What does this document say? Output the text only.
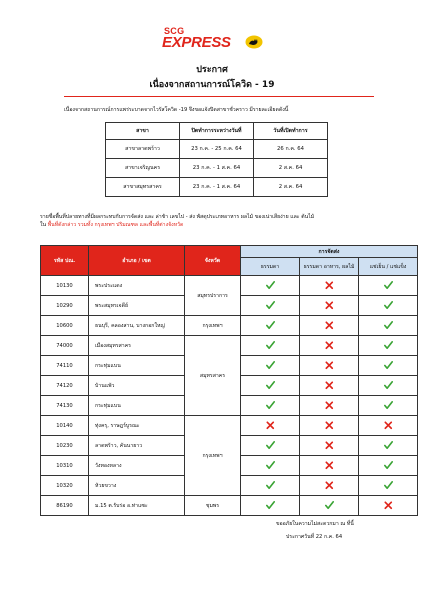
SCG
EXPRESS
ประกาศ
เนื่องจากสถานการณ์โควิด - 19
เนื่องจากสถานการณ์การแพร่ระบาดจากไวรัสโควิด -19 จึงขอแจ้งปิดสาขาชั่วคราว มีรายละเอียดดังนี้
สาขา	ปิดทำการระหว่างวันที่	วันที่เปิดทำการ
สาขาลาดพร้าว	23 ก.ค. - 25 ก.ค. 64	26 ก.ค. 64
สาขาเจริญนคร	23 ก.ค. - 1 ส.ค. 64	2 ส.ค. 64
สาขาสมุทรสาคร	23 ก.ค. - 1 ส.ค. 64	2 ส.ค. 64
รายชื่อพื้นที่ปลายทางที่มีผลกระทบกับการจัดส่ง และ ล่าช้า เลขไป - ส่ง พัสดุประเภทอาหาร ผลไม้ ของเน่าเสียง่าย และ ต้นไม้
ใน พื้นที่ดังกล่าว รวมทั้ง กรุงเทพฯ ปริมณฑล และพื้นที่ต่างจังหวัด
รหัส ปณ.	อำเภอ / เขต	จังหวัด	การจัดส่ง		
			ธรรมดา	ธรรมดา อาหาร, ผลไม้	แช่เย็น / แช่แข็ง
10130	พระประแดง	สมุทรปราการ			
10290	พระสมุทรเจดีย์			
10600	ธนบุรี, คลองสาน, บางกอกใหญ่	กรุงเทพฯ			
74000	เมืองสมุทรสาคร	สมุทรสาคร			
74110	กระทุ่มแบน			
74120	บ้านแพ้ว			
74130	กระทุ่มแบน			
10140	ทุ่งครุ, ราษฎร์บูรณะ	กรุงเทพฯ			
10230	ลาดพร้าว, คันนายาว			
10310	วังทองหลาง			
10320	ห้วยขวาง			
86190	ม.15 ต.รับร่อ อ.ท่าแซะ	ชุมพร			
ขออภัยในความไม่สะดวกมา ณ ที่นี้
ประกาศวันที่ 22 ก.ค. 64
